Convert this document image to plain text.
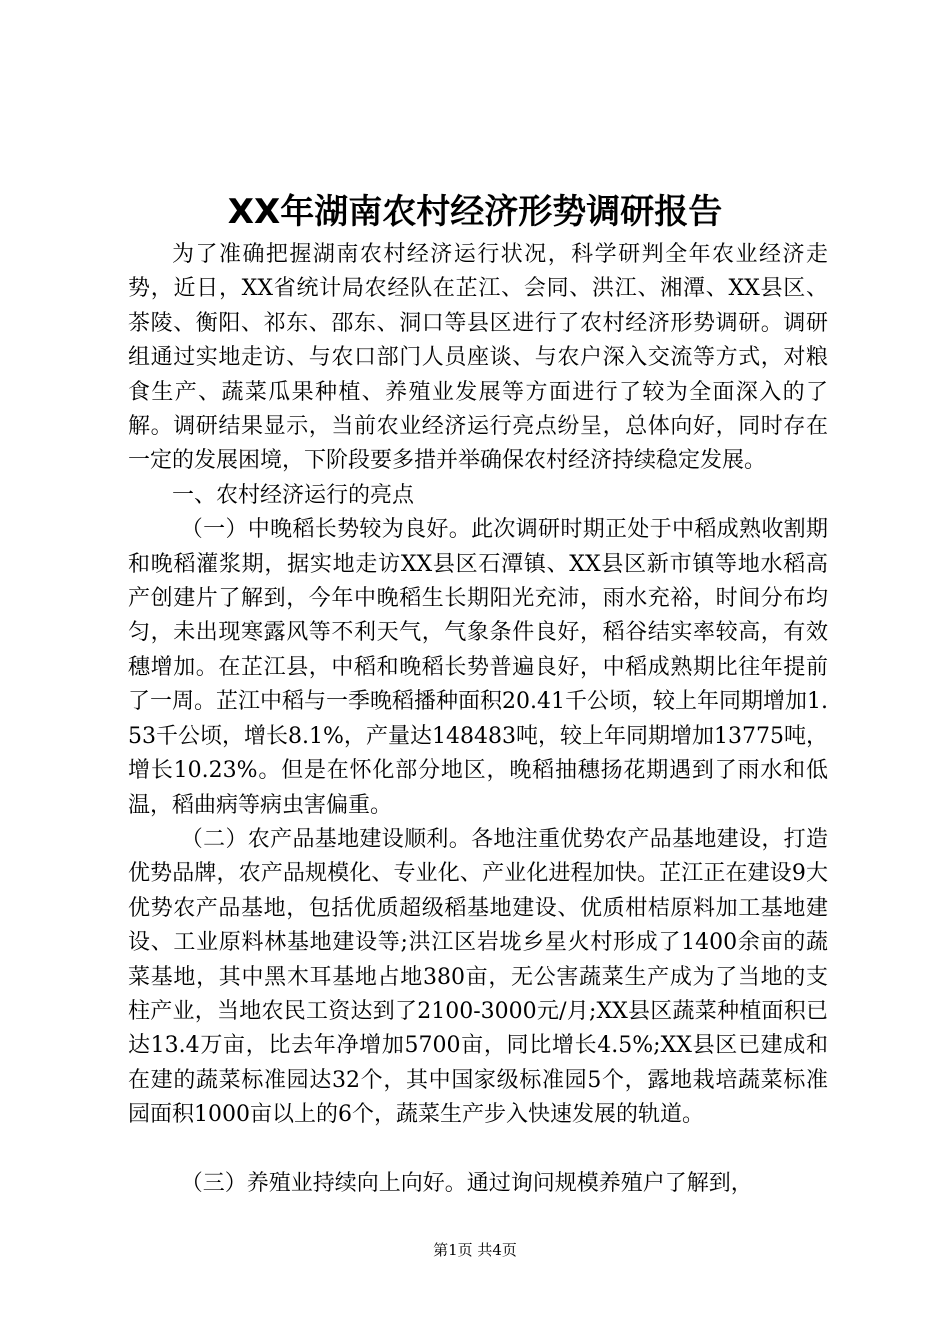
XX年湖南农村经济形势调研报告

为了准确把握湖南农村经济运行状况，科学研判全年农业经济走势，近日，XX省统计局农经队在芷江、会同、洪江、湘潭、XX县区、茶陵、衡阳、祁东、邵东、洞口等县区进行了农村经济形势调研。调研组通过实地走访、与农口部门人员座谈、与农户深入交流等方式，对粮食生产、蔬菜瓜果种植、养殖业发展等方面进行了较为全面深入的了解。调研结果显示，当前农业经济运行亮点纷呈，总体向好，同时存在一定的发展困境，下阶段要多措并举确保农村经济持续稳定发展。

一、农村经济运行的亮点

（一）中晚稻长势较为良好。此次调研时期正处于中稻成熟收割期和晚稻灌浆期，据实地走访XX县区石潭镇、XX县区新市镇等地水稻高产创建片了解到，今年中晚稻生长期阳光充沛，雨水充裕，时间分布均匀，未出现寒露风等不利天气，气象条件良好，稻谷结实率较高，有效穗增加。在芷江县，中稻和晚稻长势普遍良好，中稻成熟期比往年提前了一周。芷江中稻与一季晚稻播种面积20.41千公顷，较上年同期增加1.53千公顷，增长8.1%，产量达148483吨，较上年同期增加13775吨，增长10.23%。但是在怀化部分地区，晚稻抽穗扬花期遇到了雨水和低温，稻曲病等病虫害偏重。

（二）农产品基地建设顺利。各地注重优势农产品基地建设，打造优势品牌，农产品规模化、专业化、产业化进程加快。芷江正在建设9大优势农产品基地，包括优质超级稻基地建设、优质柑桔原料加工基地建设、工业原料林基地建设等;洪江区岩垅乡星火村形成了1400余亩的蔬菜基地，其中黑木耳基地占地380亩，无公害蔬菜生产成为了当地的支柱产业，当地农民工资达到了2100-3000元/月;XX县区蔬菜种植面积已达13.4万亩，比去年净增加5700亩，同比增长4.5%;XX县区已建成和在建的蔬菜标准园达32个，其中国家级标准园5个，露地栽培蔬菜标准园面积1000亩以上的6个，蔬菜生产步入快速发展的轨道。

（三）养殖业持续向上向好。通过询问规模养殖户了解到，

第1页 共4页
